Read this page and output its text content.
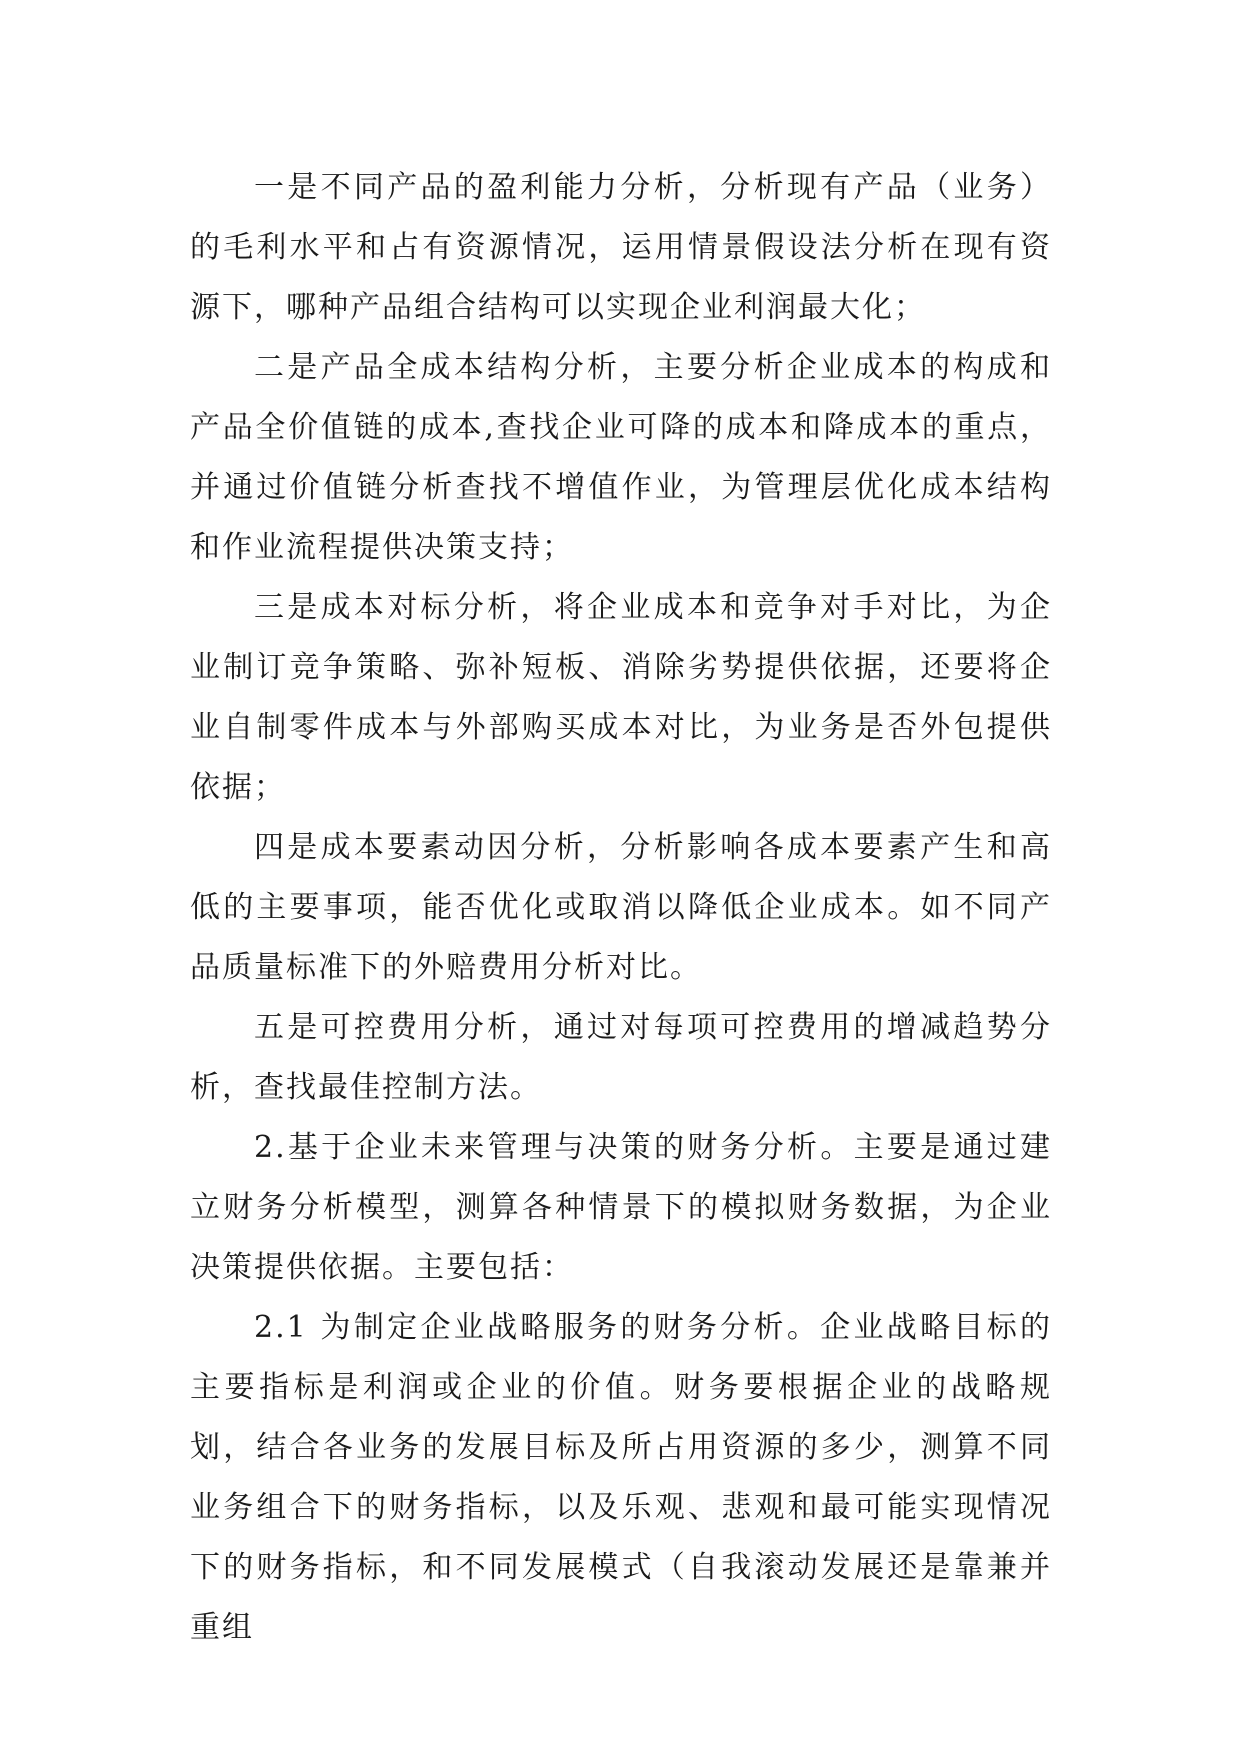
一是不同产品的盈利能力分析，分析现有产品（业务）的毛利水平和占有资源情况，运用情景假设法分析在现有资源下，哪种产品组合结构可以实现企业利润最大化；

二是产品全成本结构分析，主要分析企业成本的构成和产品全价值链的成本,查找企业可降的成本和降成本的重点，并通过价值链分析查找不增值作业，为管理层优化成本结构和作业流程提供决策支持；

三是成本对标分析，将企业成本和竞争对手对比，为企业制订竞争策略、弥补短板、消除劣势提供依据，还要将企业自制零件成本与外部购买成本对比，为业务是否外包提供依据；

四是成本要素动因分析，分析影响各成本要素产生和高低的主要事项，能否优化或取消以降低企业成本。如不同产品质量标准下的外赔费用分析对比。

五是可控费用分析，通过对每项可控费用的增减趋势分析，查找最佳控制方法。

2.基于企业未来管理与决策的财务分析。主要是通过建立财务分析模型，测算各种情景下的模拟财务数据，为企业决策提供依据。主要包括：

2.1 为制定企业战略服务的财务分析。企业战略目标的主要指标是利润或企业的价值。财务要根据企业的战略规划，结合各业务的发展目标及所占用资源的多少，测算不同业务组合下的财务指标，以及乐观、悲观和最可能实现情况下的财务指标，和不同发展模式（自我滚动发展还是靠兼并重组
